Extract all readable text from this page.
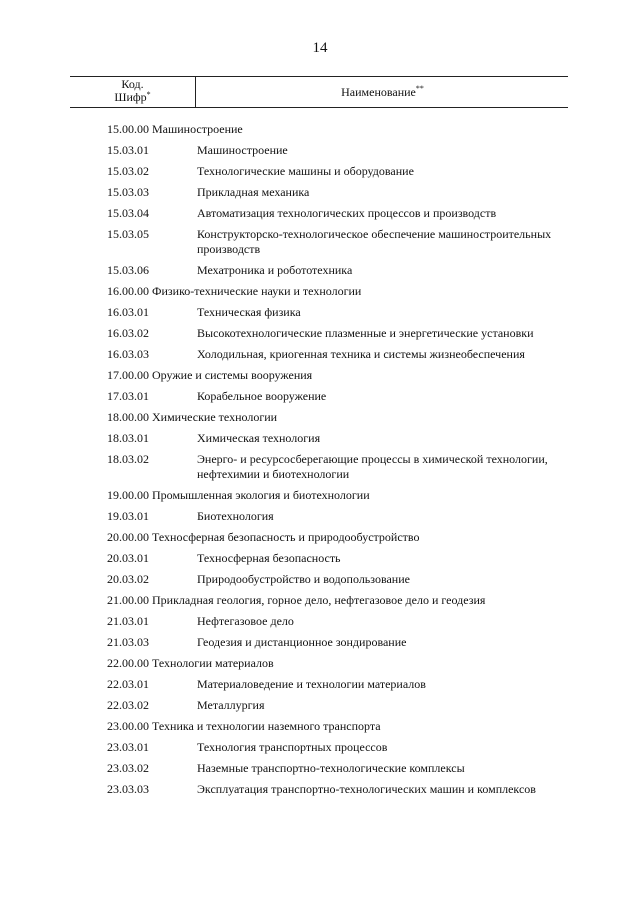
14
Код.
Шифр*	Наименование**
15.00.00 Машиностроение
15.03.01	Машиностроение
15.03.02	Технологические машины и оборудование
15.03.03	Прикладная механика
15.03.04	Автоматизация технологических процессов и производств
15.03.05	Конструкторско-технологическое обеспечение машиностроительных производств
15.03.06	Мехатроника и робототехника
16.00.00 Физико-технические науки и технологии
16.03.01	Техническая физика
16.03.02	Высокотехнологические плазменные и энергетические установки
16.03.03	Холодильная, криогенная техника и системы жизнеобеспечения
17.00.00 Оружие и системы вооружения
17.03.01	Корабельное вооружение
18.00.00 Химические технологии
18.03.01	Химическая технология
18.03.02	Энерго- и ресурсосберегающие процессы в химической технологии, нефтехимии и биотехнологии
19.00.00 Промышленная экология и биотехнологии
19.03.01	Биотехнология
20.00.00 Техносферная безопасность и природообустройство
20.03.01	Техносферная безопасность
20.03.02	Природообустройство и водопользование
21.00.00 Прикладная геология, горное дело, нефтегазовое дело и геодезия
21.03.01	Нефтегазовое дело
21.03.03	Геодезия и дистанционное зондирование
22.00.00 Технологии материалов
22.03.01	Материаловедение и технологии материалов
22.03.02	Металлургия
23.00.00 Техника и технологии наземного транспорта
23.03.01	Технология транспортных процессов
23.03.02	Наземные транспортно-технологические комплексы
23.03.03	Эксплуатация транспортно-технологических машин и комплексов
